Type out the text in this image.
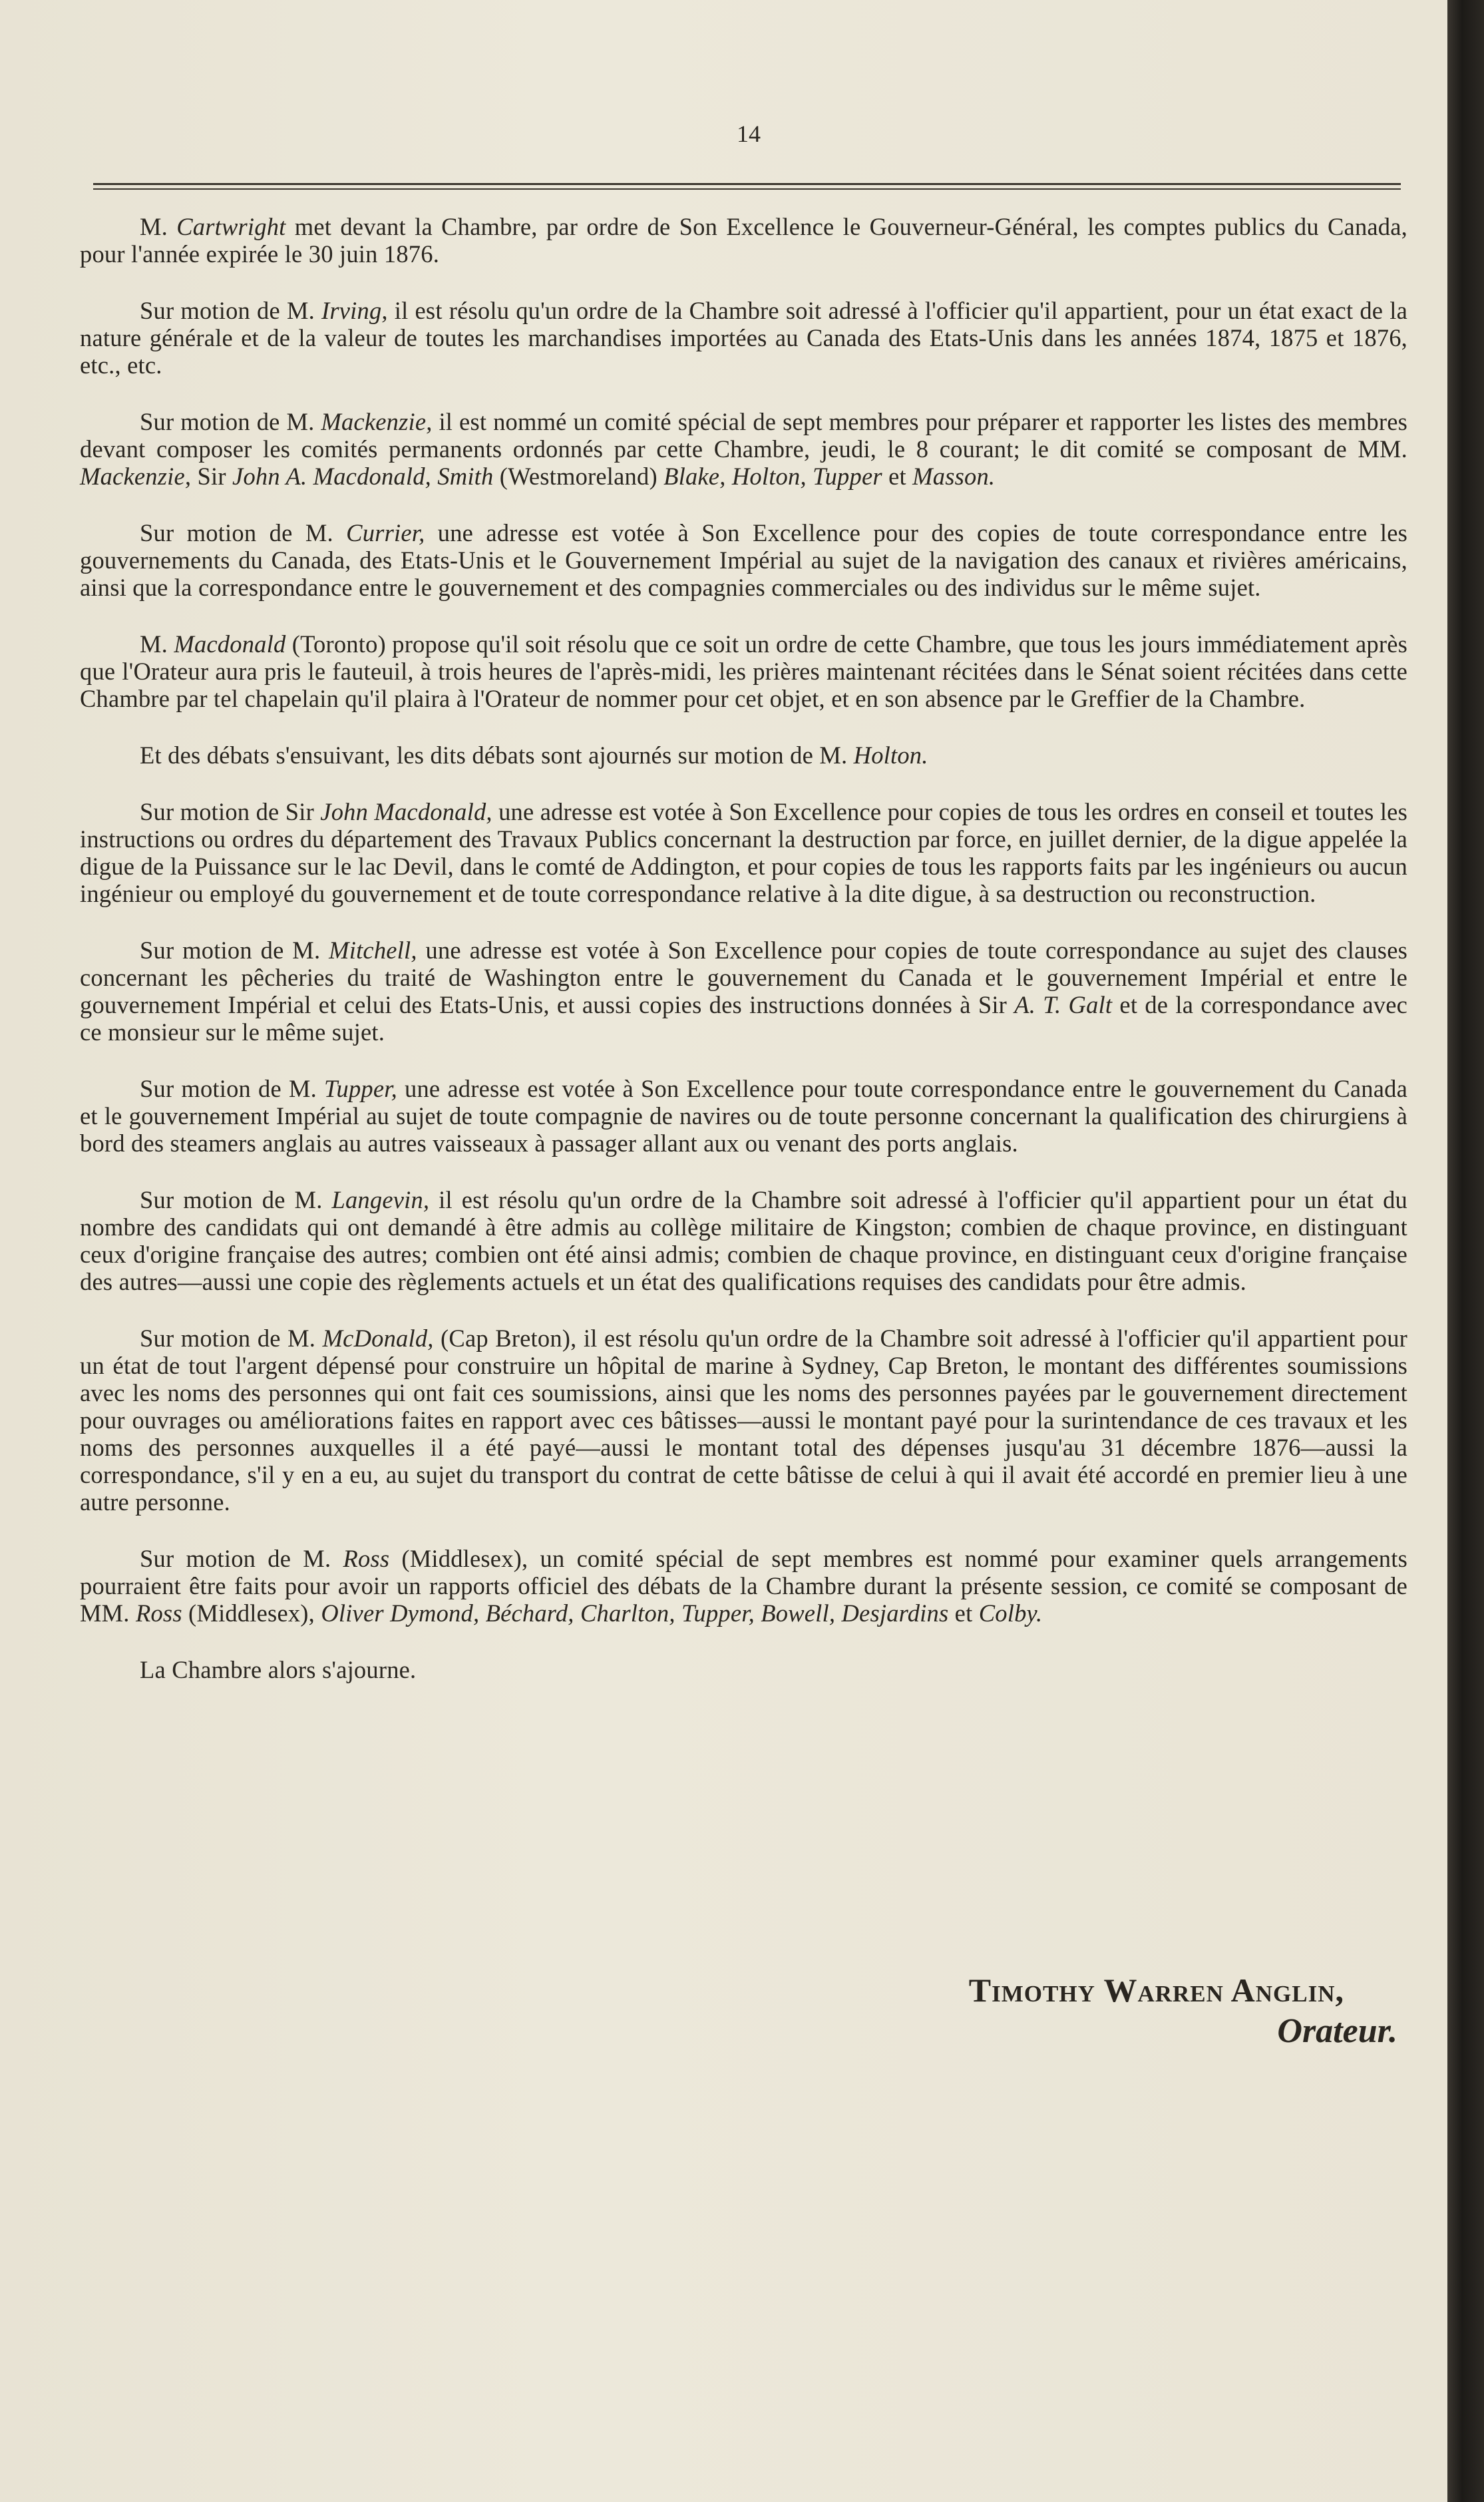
14

M. Cartwright met devant la Chambre, par ordre de Son Excellence le Gouverneur-Général, les comptes publics du Canada, pour l'année expirée le 30 juin 1876.

Sur motion de M. Irving, il est résolu qu'un ordre de la Chambre soit adressé à l'officier qu'il appartient, pour un état exact de la nature générale et de la valeur de toutes les marchandises importées au Canada des Etats-Unis dans les années 1874, 1875 et 1876, etc., etc.

Sur motion de M. Mackenzie, il est nommé un comité spécial de sept membres pour préparer et rapporter les listes des membres devant composer les comités permanents ordonnés par cette Chambre, jeudi, le 8 courant; le dit comité se composant de MM. Mackenzie, Sir John A. Macdonald, Smith (Westmoreland) Blake, Holton, Tupper et Masson.

Sur motion de M. Currier, une adresse est votée à Son Excellence pour des copies de toute correspondance entre les gouvernements du Canada, des Etats-Unis et le Gouvernement Impérial au sujet de la navigation des canaux et rivières américains, ainsi que la correspondance entre le gouvernement et des compagnies commerciales ou des individus sur le même sujet.

M. Macdonald (Toronto) propose qu'il soit résolu que ce soit un ordre de cette Chambre, que tous les jours immédiatement après que l'Orateur aura pris le fauteuil, à trois heures de l'après-midi, les prières maintenant récitées dans le Sénat soient récitées dans cette Chambre par tel chapelain qu'il plaira à l'Orateur de nommer pour cet objet, et en son absence par le Greffier de la Chambre.

Et des débats s'ensuivant, les dits débats sont ajournés sur motion de M. Holton.

Sur motion de Sir John Macdonald, une adresse est votée à Son Excellence pour copies de tous les ordres en conseil et toutes les instructions ou ordres du département des Travaux Publics concernant la destruction par force, en juillet dernier, de la digue appelée la digue de la Puissance sur le lac Devil, dans le comté de Addington, et pour copies de tous les rapports faits par les ingénieurs ou aucun ingénieur ou employé du gouvernement et de toute correspondance relative à la dite digue, à sa destruction ou reconstruction.

Sur motion de M. Mitchell, une adresse est votée à Son Excellence pour copies de toute correspondance au sujet des clauses concernant les pêcheries du traité de Washington entre le gouvernement du Canada et le gouvernement Impérial et entre le gouvernement Impérial et celui des Etats-Unis, et aussi copies des instructions données à Sir A. T. Galt et de la correspondance avec ce monsieur sur le même sujet.

Sur motion de M. Tupper, une adresse est votée à Son Excellence pour toute correspondance entre le gouvernement du Canada et le gouvernement Impérial au sujet de toute compagnie de navires ou de toute personne concernant la qualification des chirurgiens à bord des steamers anglais au autres vaisseaux à passager allant aux ou venant des ports anglais.

Sur motion de M. Langevin, il est résolu qu'un ordre de la Chambre soit adressé à l'officier qu'il appartient pour un état du nombre des candidats qui ont demandé à être admis au collège militaire de Kingston; combien de chaque province, en distinguant ceux d'origine française des autres; combien ont été ainsi admis; combien de chaque province, en distinguant ceux d'origine française des autres—aussi une copie des règlements actuels et un état des qualifications requises des candidats pour être admis.

Sur motion de M. McDonald, (Cap Breton), il est résolu qu'un ordre de la Chambre soit adressé à l'officier qu'il appartient pour un état de tout l'argent dépensé pour construire un hôpital de marine à Sydney, Cap Breton, le montant des différentes soumissions avec les noms des personnes qui ont fait ces soumissions, ainsi que les noms des personnes payées par le gouvernement directement pour ouvrages ou améliorations faites en rapport avec ces bâtisses—aussi le montant payé pour la surintendance de ces travaux et les noms des personnes auxquelles il a été payé—aussi le montant total des dépenses jusqu'au 31 décembre 1876—aussi la correspondance, s'il y en a eu, au sujet du transport du contrat de cette bâtisse de celui à qui il avait été accordé en premier lieu à une autre personne.

Sur motion de M. Ross (Middlesex), un comité spécial de sept membres est nommé pour examiner quels arrangements pourraient être faits pour avoir un rapports officiel des débats de la Chambre durant la présente session, ce comité se composant de MM. Ross (Middlesex), Oliver Dymond, Béchard, Charlton, Tupper, Bowell, Desjardins et Colby.

La Chambre alors s'ajourne.

Timothy Warren Anglin,
Orateur.
